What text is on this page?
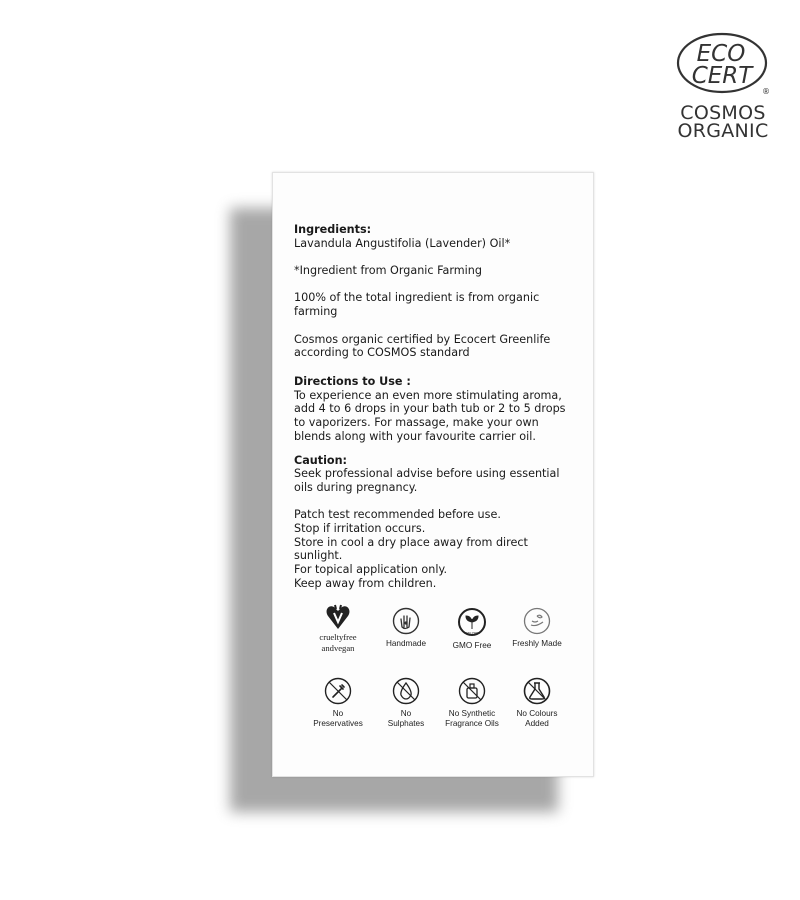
ECO
CERT
®
COSMOS
ORGANIC

Ingredients:

Lavandula Angustifolia (Lavender) Oil*

*Ingredient from Organic Farming

100% of the total ingredient is from organic

farming

Cosmos organic certified by Ecocert Greenlife

according to COSMOS standard

Directions to Use :

To experience an even more stimulating aroma,

add 4 to 6 drops in your bath tub or 2 to 5 drops

to vaporizers. For massage, make your own

blends along with your favourite carrier oil.

Caution:

Seek professional advise before using essential

oils during pregnancy.

Patch test recommended before use.

Stop if irritation occurs.

Store in cool a dry place away from direct

sunlight.

For topical application only.

Keep away from children.

crueltyfree
andvegan	Handmade
GMO FREE
GMO Free	Freshly Made
No
Preservatives
No
Sulphates
No Synthetic
Fragrance Oils
No Colours
Added
